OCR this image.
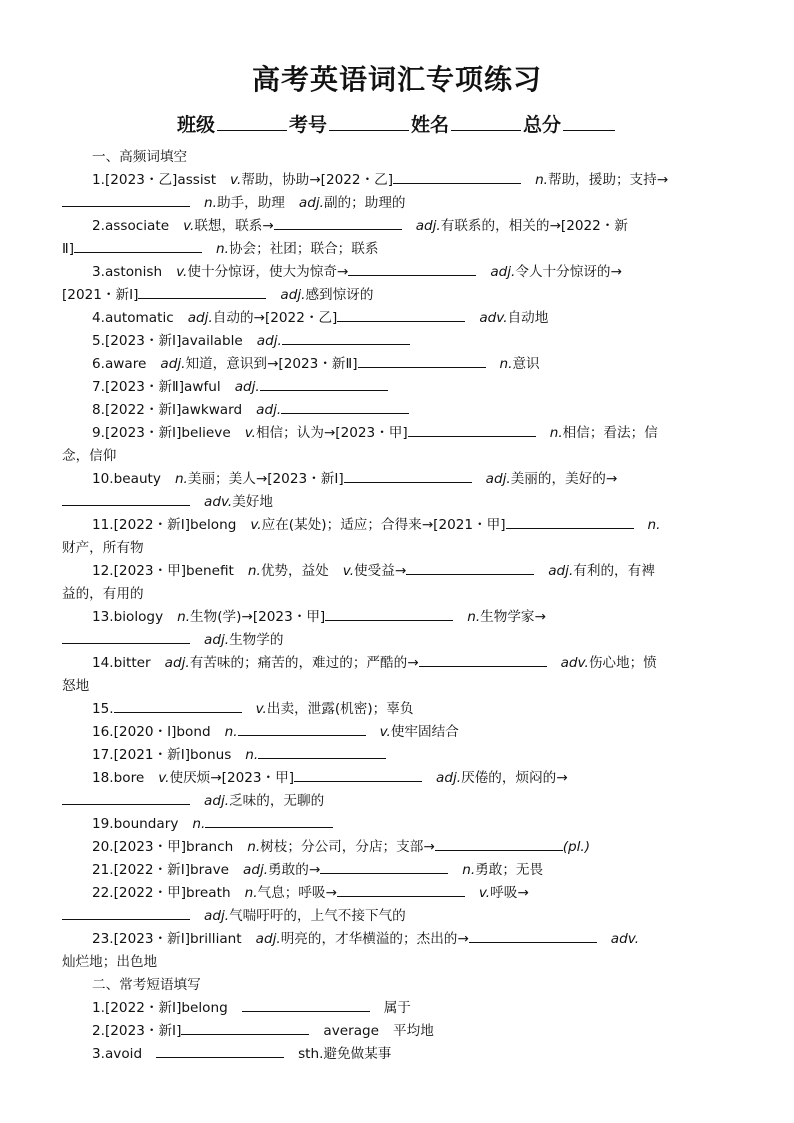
高考英语词汇专项练习
班级	考号	姓名	总分
一、高频词填空
1.[2023・乙]assist v.帮助，协助→[2022・乙]	n.帮助，援助；支持→
n.助手，助理 adj.副的；助理的
2.associate v.联想，联系→	adj.有联系的，相关的→[2022・新
Ⅱ]	n.协会；社团；联合；联系
3.astonish v.使十分惊讶，使大为惊奇→	adj.令人十分惊讶的→
[2021・新Ⅰ]	adj.感到惊讶的
4.automatic adj.自动的→[2022・乙]	adv.自动地
5.[2023・新Ⅰ]available adj.
6.aware adj.知道，意识到→[2023・新Ⅱ]	n.意识
7.[2023・新Ⅱ]awful adj.
8.[2022・新Ⅰ]awkward adj.
9.[2023・新Ⅰ]believe v.相信；认为→[2023・甲]	n.相信；看法；信
念，信仰
10.beauty n.美丽；美人→[2023・新Ⅰ]	adj.美丽的，美好的→
adv.美好地
11.[2022・新Ⅰ]belong v.应在(某处)；适应；合得来→[2021・甲]	n.
财产，所有物
12.[2023・甲]benefit n.优势，益处 v.使受益→	adj.有利的，有裨
益的，有用的
13.biology n.生物(学)→[2023・甲]	n.生物学家→
adj.生物学的
14.bitter adj.有苦味的；痛苦的，难过的；严酷的→	adv.伤心地；愤
怒地
15.	v.出卖，泄露(机密)；辜负
16.[2020・Ⅰ]bond n.	v.使牢固结合
17.[2021・新Ⅰ]bonus n.
18.bore v.使厌烦→[2023・甲]	adj.厌倦的，烦闷的→
adj.乏味的，无聊的
19.boundary n.
20.[2023・甲]branch n.树枝；分公司，分店；支部→	(pl.)
21.[2022・新Ⅰ]brave adj.勇敢的→	n.勇敢；无畏
22.[2022・甲]breath n.气息；呼吸→	v.呼吸→
adj.气喘吁吁的，上气不接下气的
23.[2023・新Ⅰ]brilliant adj.明亮的，才华横溢的；杰出的→	adv.
灿烂地；出色地
二、常考短语填写
1.[2022・新Ⅰ]belong	属于
2.[2023・新Ⅰ]	average 平均地
3.avoid	sth.避免做某事
